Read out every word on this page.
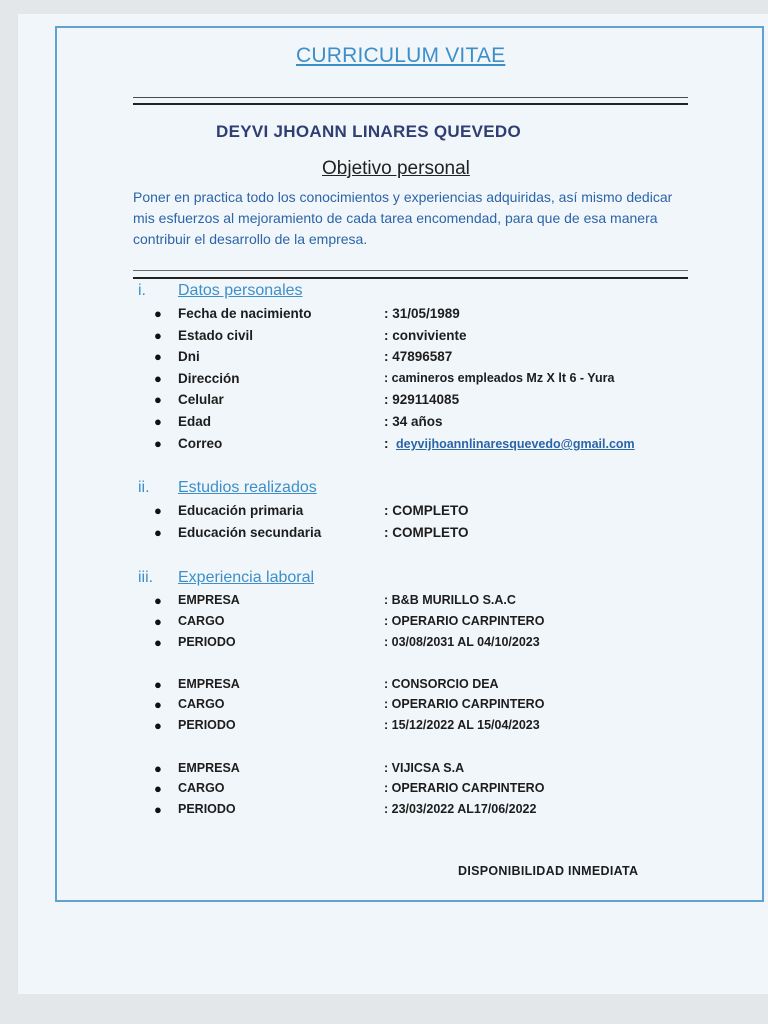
CURRICULUM VITAE
DEYVI JHOANN LINARES QUEVEDO
Objetivo personal

Poner en practica todo los conocimientos y experiencias adquiridas, así mismo dedicar mis esfuerzos al mejoramiento de cada tarea encomendad, para que de esa manera contribuir el desarrollo de la empresa.

i. Datos personales
● Fecha de nacimiento	: 31/05/1989
● Estado civil	: conviviente
● Dni	: 47896587
● Dirección	: camineros empleados Mz X lt 6 - Yura
● Celular	: 929114085
● Edad	: 34 años
● Correo	: deyvijhoannlinaresquevedo@gmail.com
ii. Estudios realizados
● Educación primaria	: COMPLETO
● Educación secundaria	: COMPLETO
iii. Experiencia laboral
● EMPRESA	: B&B MURILLO S.A.C
● CARGO	: OPERARIO CARPINTERO
● PERIODO	: 03/08/2031 AL 04/10/2023
● EMPRESA	: CONSORCIO DEA
● CARGO	: OPERARIO CARPINTERO
● PERIODO	: 15/12/2022 AL 15/04/2023
● EMPRESA	: VIJICSA S.A
● CARGO	: OPERARIO CARPINTERO
● PERIODO	: 23/03/2022 AL17/06/2022

DISPONIBILIDAD INMEDIATA
